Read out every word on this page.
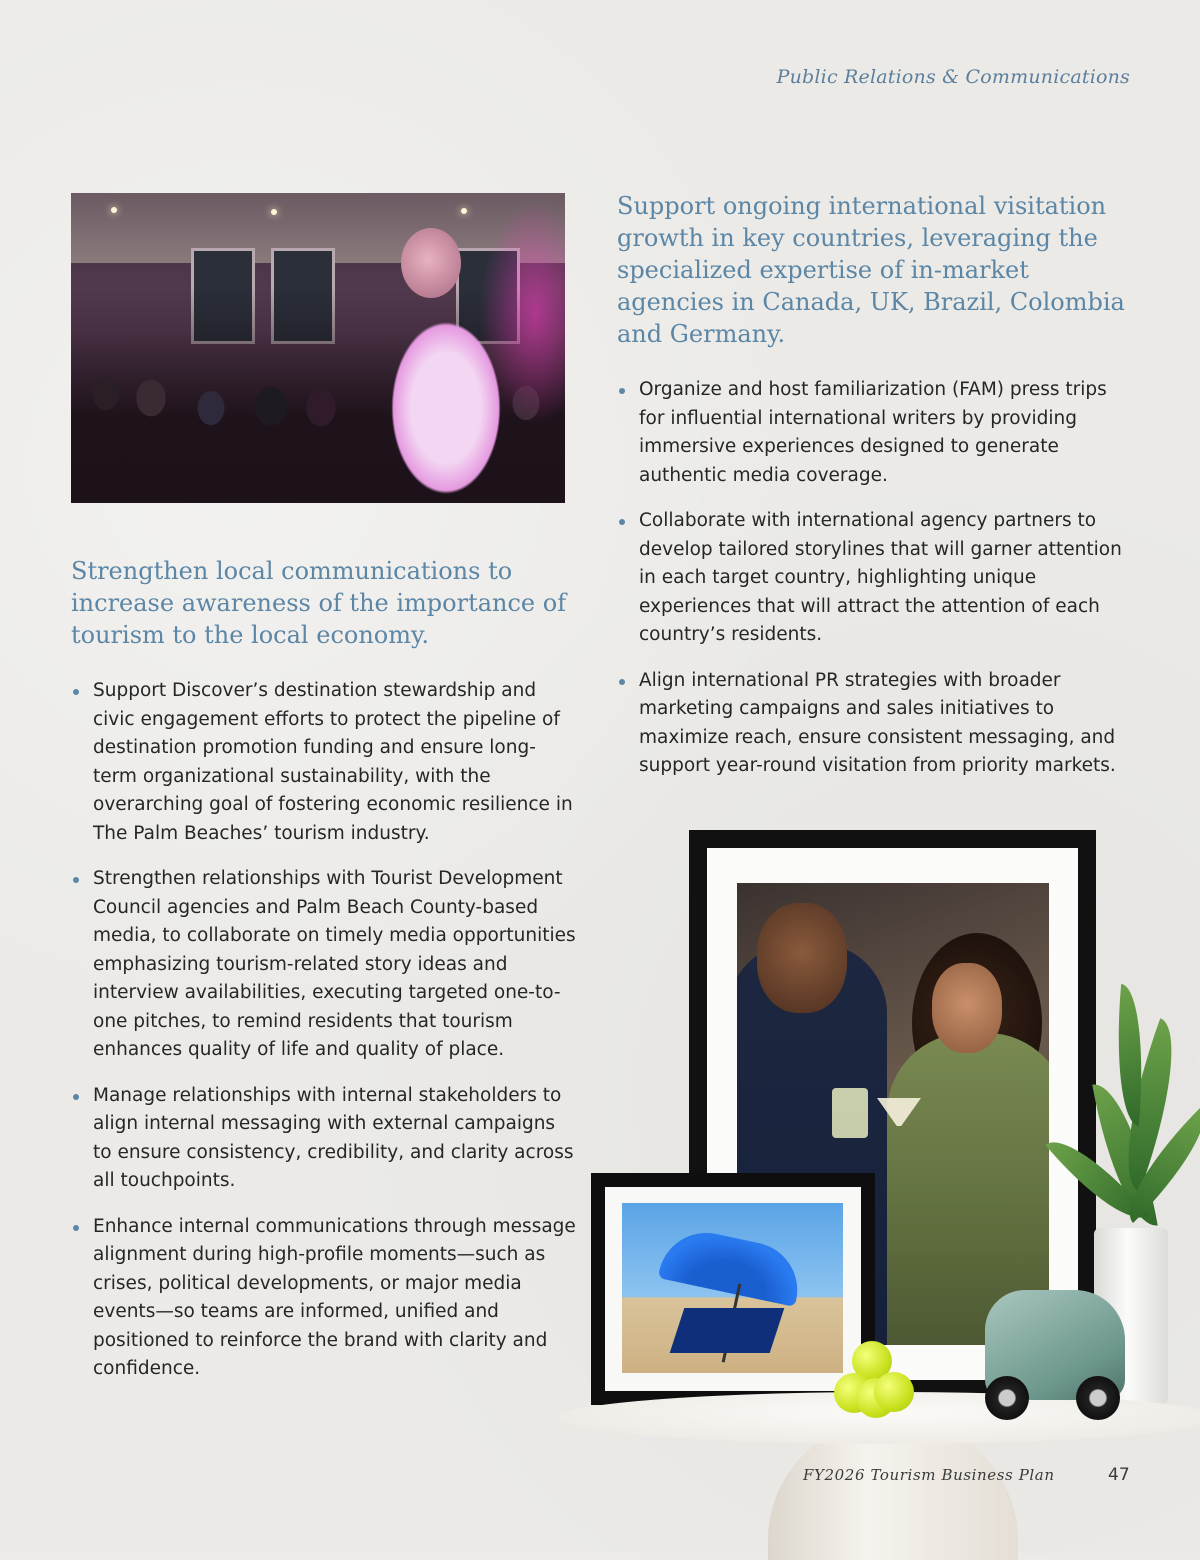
Public Relations & Communications
Support ongoing international visitation growth in key countries, leveraging the specialized expertise of in-market agencies in Canada, UK, Brazil, Colombia and Germany.
Organize and host familiarization (FAM) press trips for influential international writers by providing immersive experiences designed to generate authentic media coverage.
Collaborate with international agency partners to develop tailored storylines that will garner attention in each target country, highlighting unique experiences that will attract the attention of each country’s residents.
Align international PR strategies with broader marketing campaigns and sales initiatives to maximize reach, ensure consistent messaging, and support year-round visitation from priority markets.
Strengthen local communications to increase awareness of the importance of tourism to the local economy.
Support Discover’s destination stewardship and civic engagement efforts to protect the pipeline of destination promotion funding and ensure long-term organizational sustainability, with the overarching goal of fostering economic resilience in The Palm Beaches’ tourism industry.
Strengthen relationships with Tourist Development Council agencies and Palm Beach County-based media, to collaborate on timely media opportunities emphasizing tourism-related story ideas and interview availabilities, executing targeted one-to-one pitches, to remind residents that tourism enhances quality of life and quality of place.
Manage relationships with internal stakeholders to align internal messaging with external campaigns to ensure consistency, credibility, and clarity across all touchpoints.
Enhance internal communications through message alignment during high-profile moments—such as crises, political developments, or major media events—so teams are informed, unified and positioned to reinforce the brand with clarity and confidence.
FY2026 Tourism Business Plan	47
